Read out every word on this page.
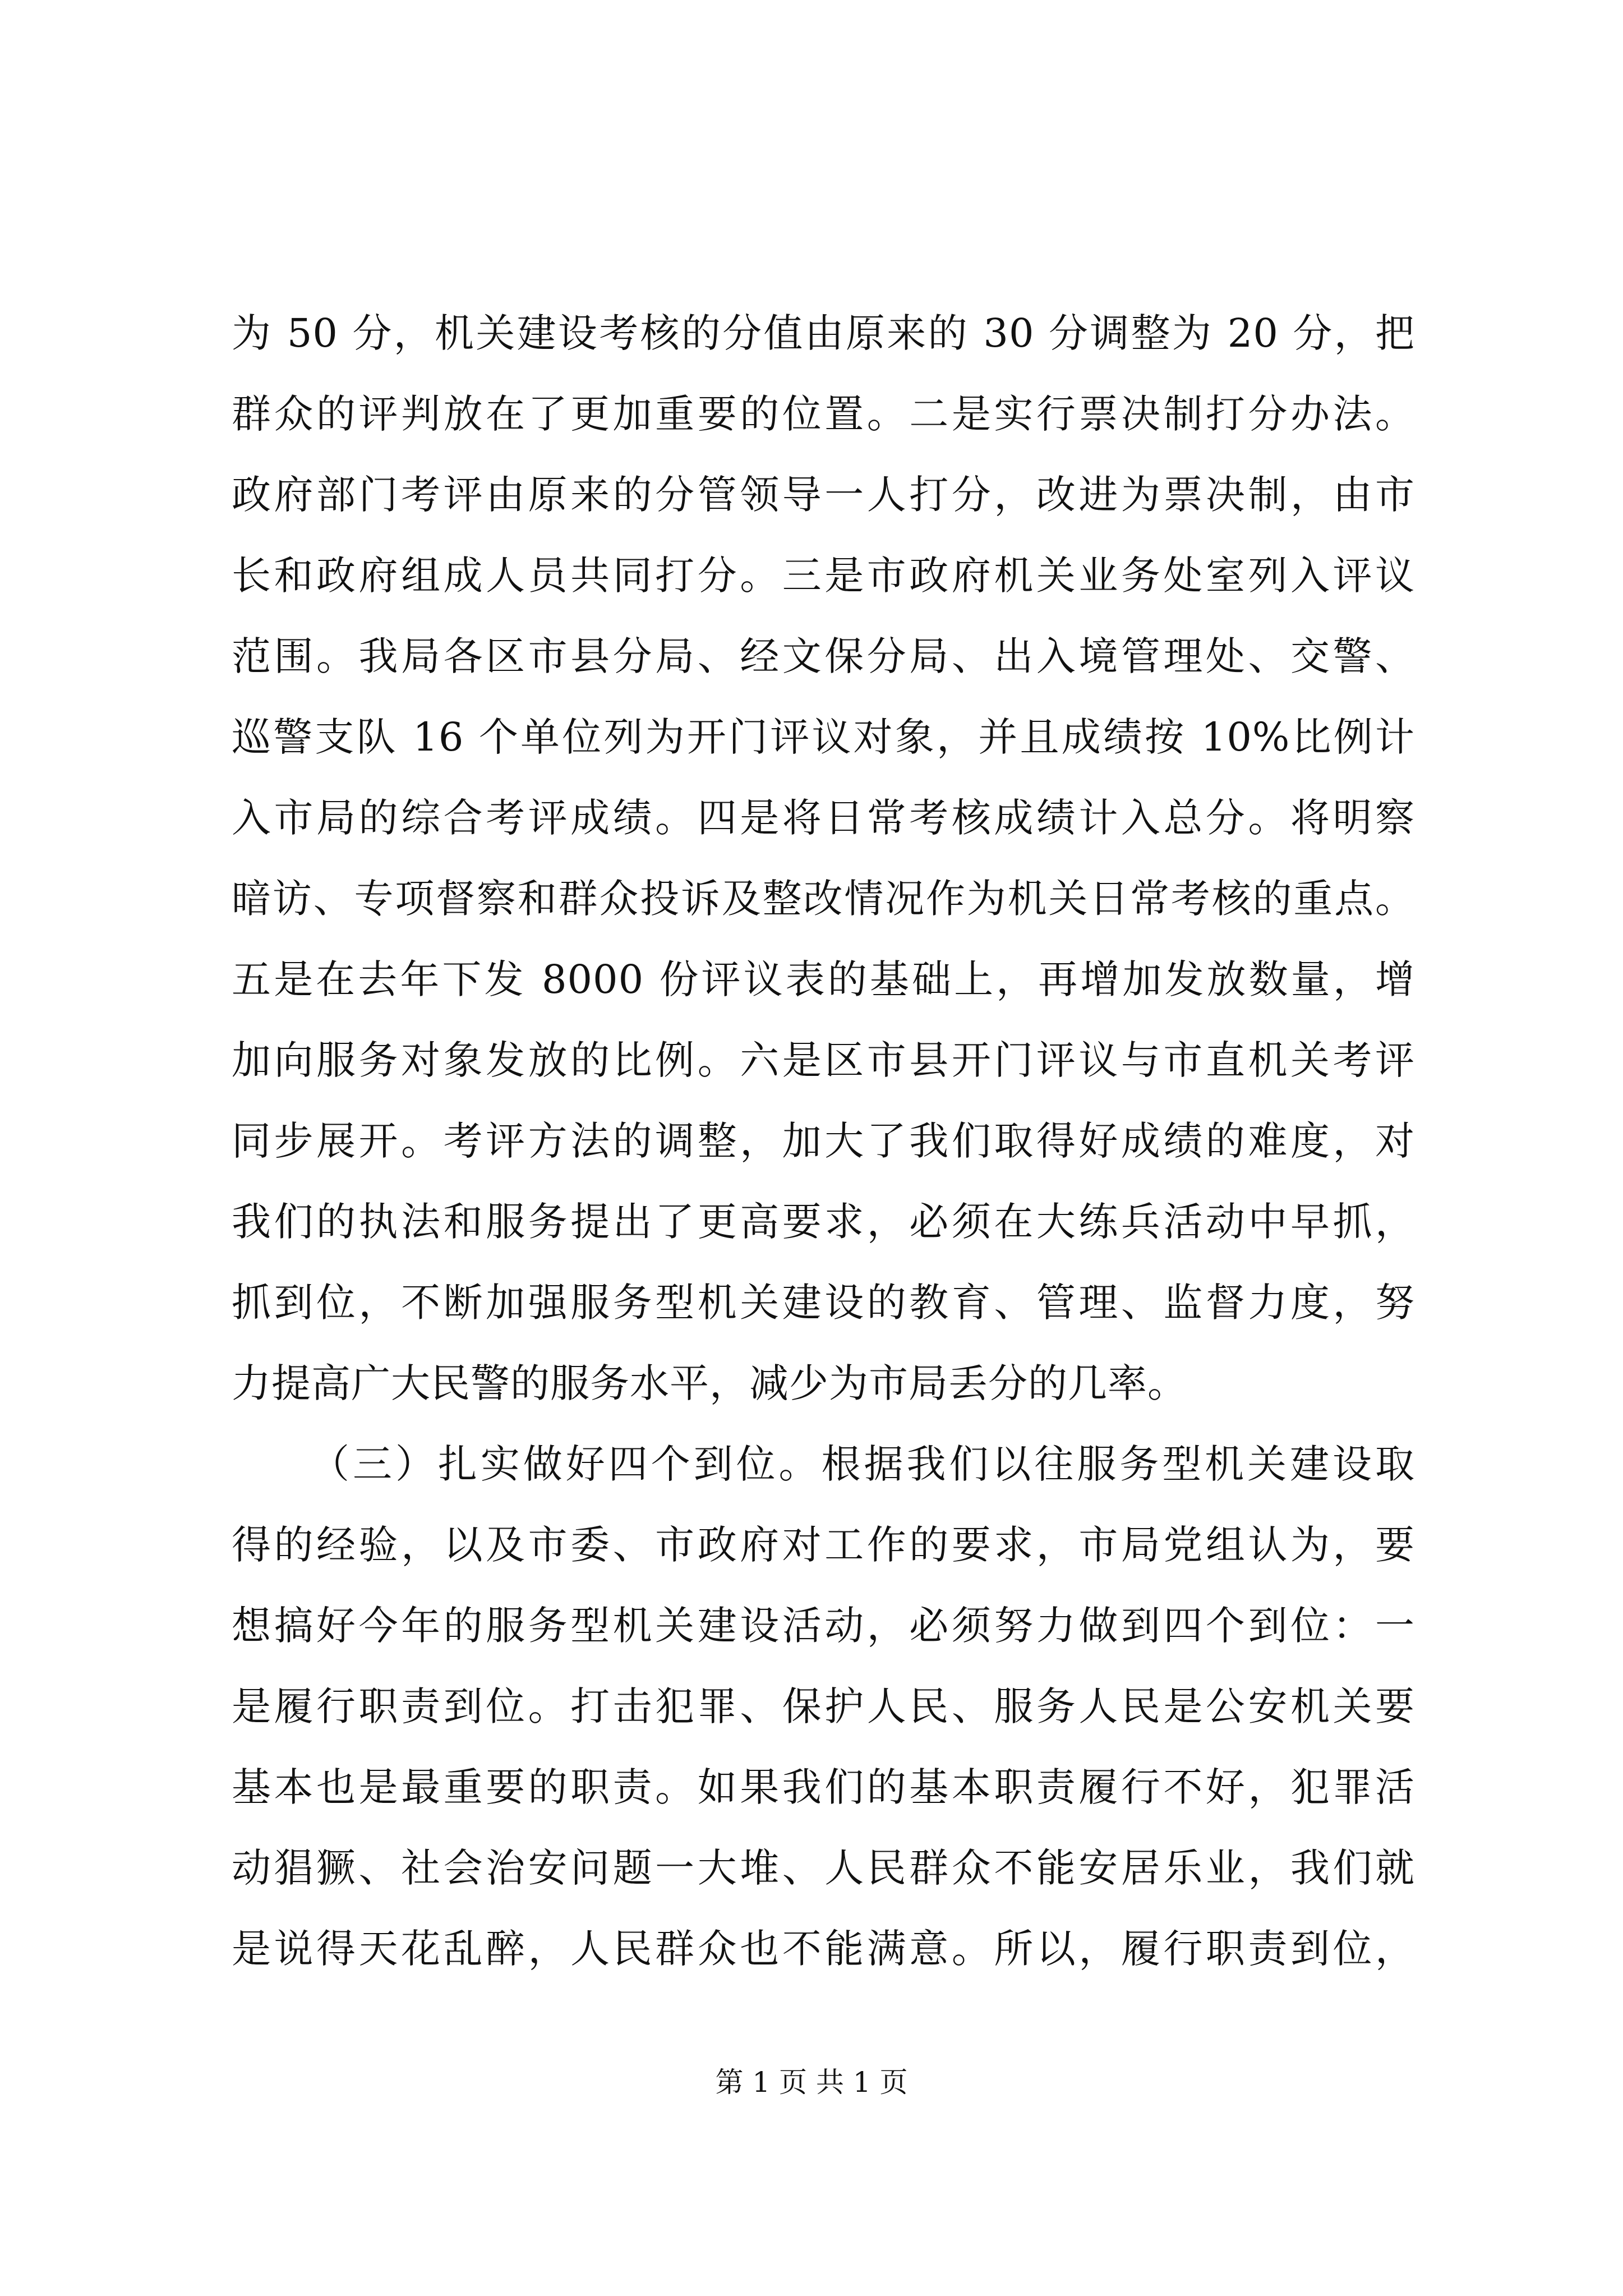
为 50 分，机关建设考核的分值由原来的 30 分调整为 20 分，把
群众的评判放在了更加重要的位置。二是实行票决制打分办法。
政府部门考评由原来的分管领导一人打分，改进为票决制，由市
长和政府组成人员共同打分。三是市政府机关业务处室列入评议
范围。我局各区市县分局、经文保分局、出入境管理处、交警、
巡警支队 16 个单位列为开门评议对象，并且成绩按 10%比例计
入市局的综合考评成绩。四是将日常考核成绩计入总分。将明察
暗访、专项督察和群众投诉及整改情况作为机关日常考核的重点。
五是在去年下发 8000 份评议表的基础上，再增加发放数量，增
加向服务对象发放的比例。六是区市县开门评议与市直机关考评
同步展开。考评方法的调整，加大了我们取得好成绩的难度，对
我们的执法和服务提出了更高要求，必须在大练兵活动中早抓，
抓到位，不断加强服务型机关建设的教育、管理、监督力度，努
力提高广大民警的服务水平，减少为市局丢分的几率。
（三）扎实做好四个到位。根据我们以往服务型机关建设取
得的经验，以及市委、市政府对工作的要求，市局党组认为，要
想搞好今年的服务型机关建设活动，必须努力做到四个到位：一
是履行职责到位。打击犯罪、保护人民、服务人民是公安机关要
基本也是最重要的职责。如果我们的基本职责履行不好，犯罪活
动猖獗、社会治安问题一大堆、人民群众不能安居乐业，我们就
是说得天花乱醉，人民群众也不能满意。所以，履行职责到位，
第 1 页 共 1 页
